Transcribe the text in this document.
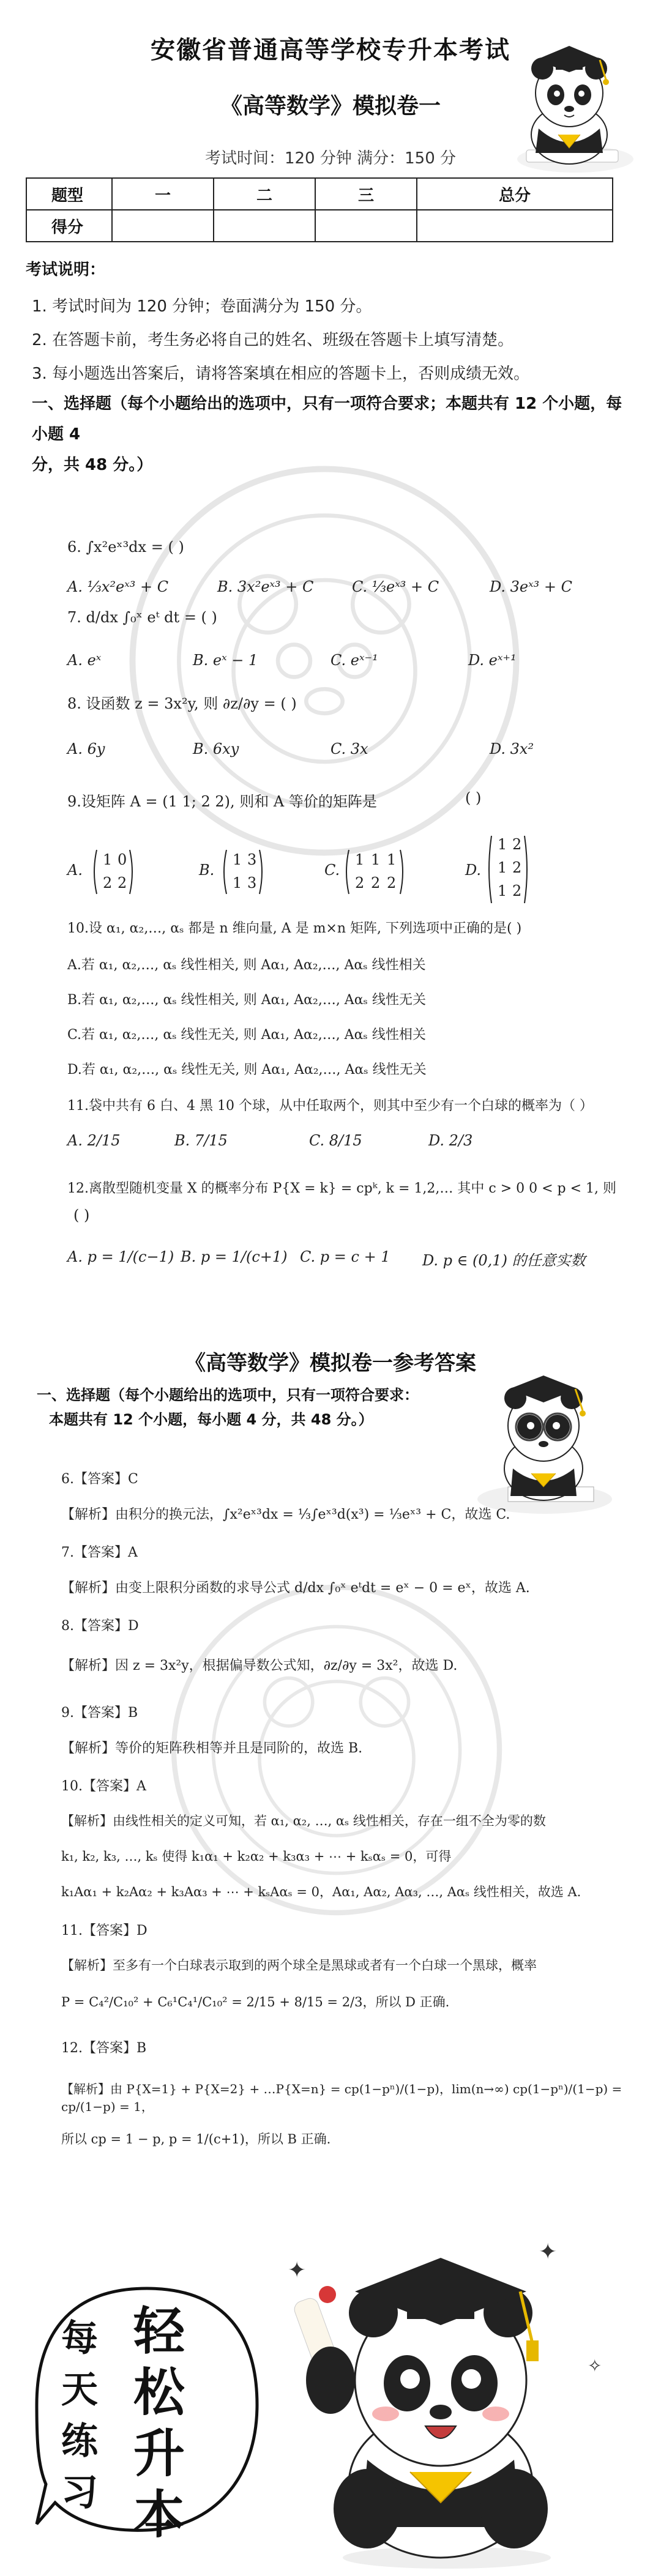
安徽省普通高等学校专升本考试
《高等数学》模拟卷一
考试时间：120 分钟 满分：150 分
题型	一	二	三	总分
得分				
考试说明：
1. 考试时间为 120 分钟；卷面满分为 150 分。
2. 在答题卡前，考生务必将自己的姓名、班级在答题卡上填写清楚。
3. 每小题选出答案后，请将答案填在相应的答题卡上，否则成绩无效。
一、选择题（每个小题给出的选项中，只有一项符合要求；本题共有 12 个小题，每小题 4
分，共 48 分。）
6. ∫x²eˣ³dx = ( )
A. ⅓x²eˣ³ + C	B. 3x²eˣ³ + C	C. ⅓eˣ³ + C	D. 3eˣ³ + C
7. d/dx ∫₀ˣ eᵗ dt = ( )
A. eˣ	B. eˣ − 1	C. eˣ⁻¹	D. eˣ⁺¹
8. 设函数 z = 3x²y, 则 ∂z/∂y = ( )
A. 6y	B. 6xy	C. 3x	D. 3x²
9.设矩阵 A = (1 1; 2 2), 则和 A 等价的矩阵是	( )
A.
1 0
2 2
B.
1 3
1 3
C.
1 1 1
2 2 2
D.
1 2
1 2
1 2
10.设 α₁, α₂,…, αₛ 都是 n 维向量, A 是 m×n 矩阵, 下列选项中正确的是( )
A.若 α₁, α₂,…, αₛ 线性相关, 则 Aα₁, Aα₂,…, Aαₛ 线性相关
B.若 α₁, α₂,…, αₛ 线性相关, 则 Aα₁, Aα₂,…, Aαₛ 线性无关
C.若 α₁, α₂,…, αₛ 线性无关, 则 Aα₁, Aα₂,…, Aαₛ 线性相关
D.若 α₁, α₂,…, αₛ 线性无关, 则 Aα₁, Aα₂,…, Aαₛ 线性无关
11.袋中共有 6 白、4 黑 10 个球，从中任取两个，则其中至少有一个白球的概率为（ ）
A. 2/15	B. 7/15	C. 8/15	D. 2/3
12.离散型随机变量 X 的概率分布 P{X = k} = cpᵏ, k = 1,2,… 其中 c > 0 0 < p < 1, 则
( )
A. p = 1/(c−1) B. p = 1/(c+1) C. p = c + 1 D. p ∈ (0,1) 的任意实数
《高等数学》模拟卷一参考答案
一、选择题（每个小题给出的选项中，只有一项符合要求：
本题共有 12 个小题，每小题 4 分，共 48 分。）
6.【答案】C
【解析】由积分的换元法，∫x²eˣ³dx = ⅓∫eˣ³d(x³) = ⅓eˣ³ + C，故选 C.
7.【答案】A
【解析】由变上限积分函数的求导公式 d/dx ∫₀ˣ eᵗdt = eˣ − 0 = eˣ，故选 A.
8.【答案】D
【解析】因 z = 3x²y，根据偏导数公式知，∂z/∂y = 3x²，故选 D.
9.【答案】B
【解析】等价的矩阵秩相等并且是同阶的，故选 B.
10.【答案】A
【解析】由线性相关的定义可知，若 α₁, α₂, …, αₛ 线性相关，存在一组不全为零的数
k₁, k₂, k₃, …, kₛ 使得 k₁α₁ + k₂α₂ + k₃α₃ + ⋯ + kₛαₛ = 0，可得
k₁Aα₁ + k₂Aα₂ + k₃Aα₃ + ⋯ + kₛAαₛ = 0，Aα₁, Aα₂, Aα₃, …, Aαₛ 线性相关，故选 A.
11.【答案】D
【解析】至多有一个白球表示取到的两个球全是黑球或者有一个白球一个黑球，概率
P = C₄²/C₁₀² + C₆¹C₄¹/C₁₀² = 2/15 + 8/15 = 2/3，所以 D 正确.
12.【答案】B
【解析】由 P{X=1} + P{X=2} + …P{X=n} = cp(1−pⁿ)/(1−p)，lim(n→∞) cp(1−pⁿ)/(1−p) = cp/(1−p) = 1，
所以 cp = 1 − p, p = 1/(c+1)，所以 B 正确.
每
天
练
习
轻
松
升
本
✦
✦
✧
